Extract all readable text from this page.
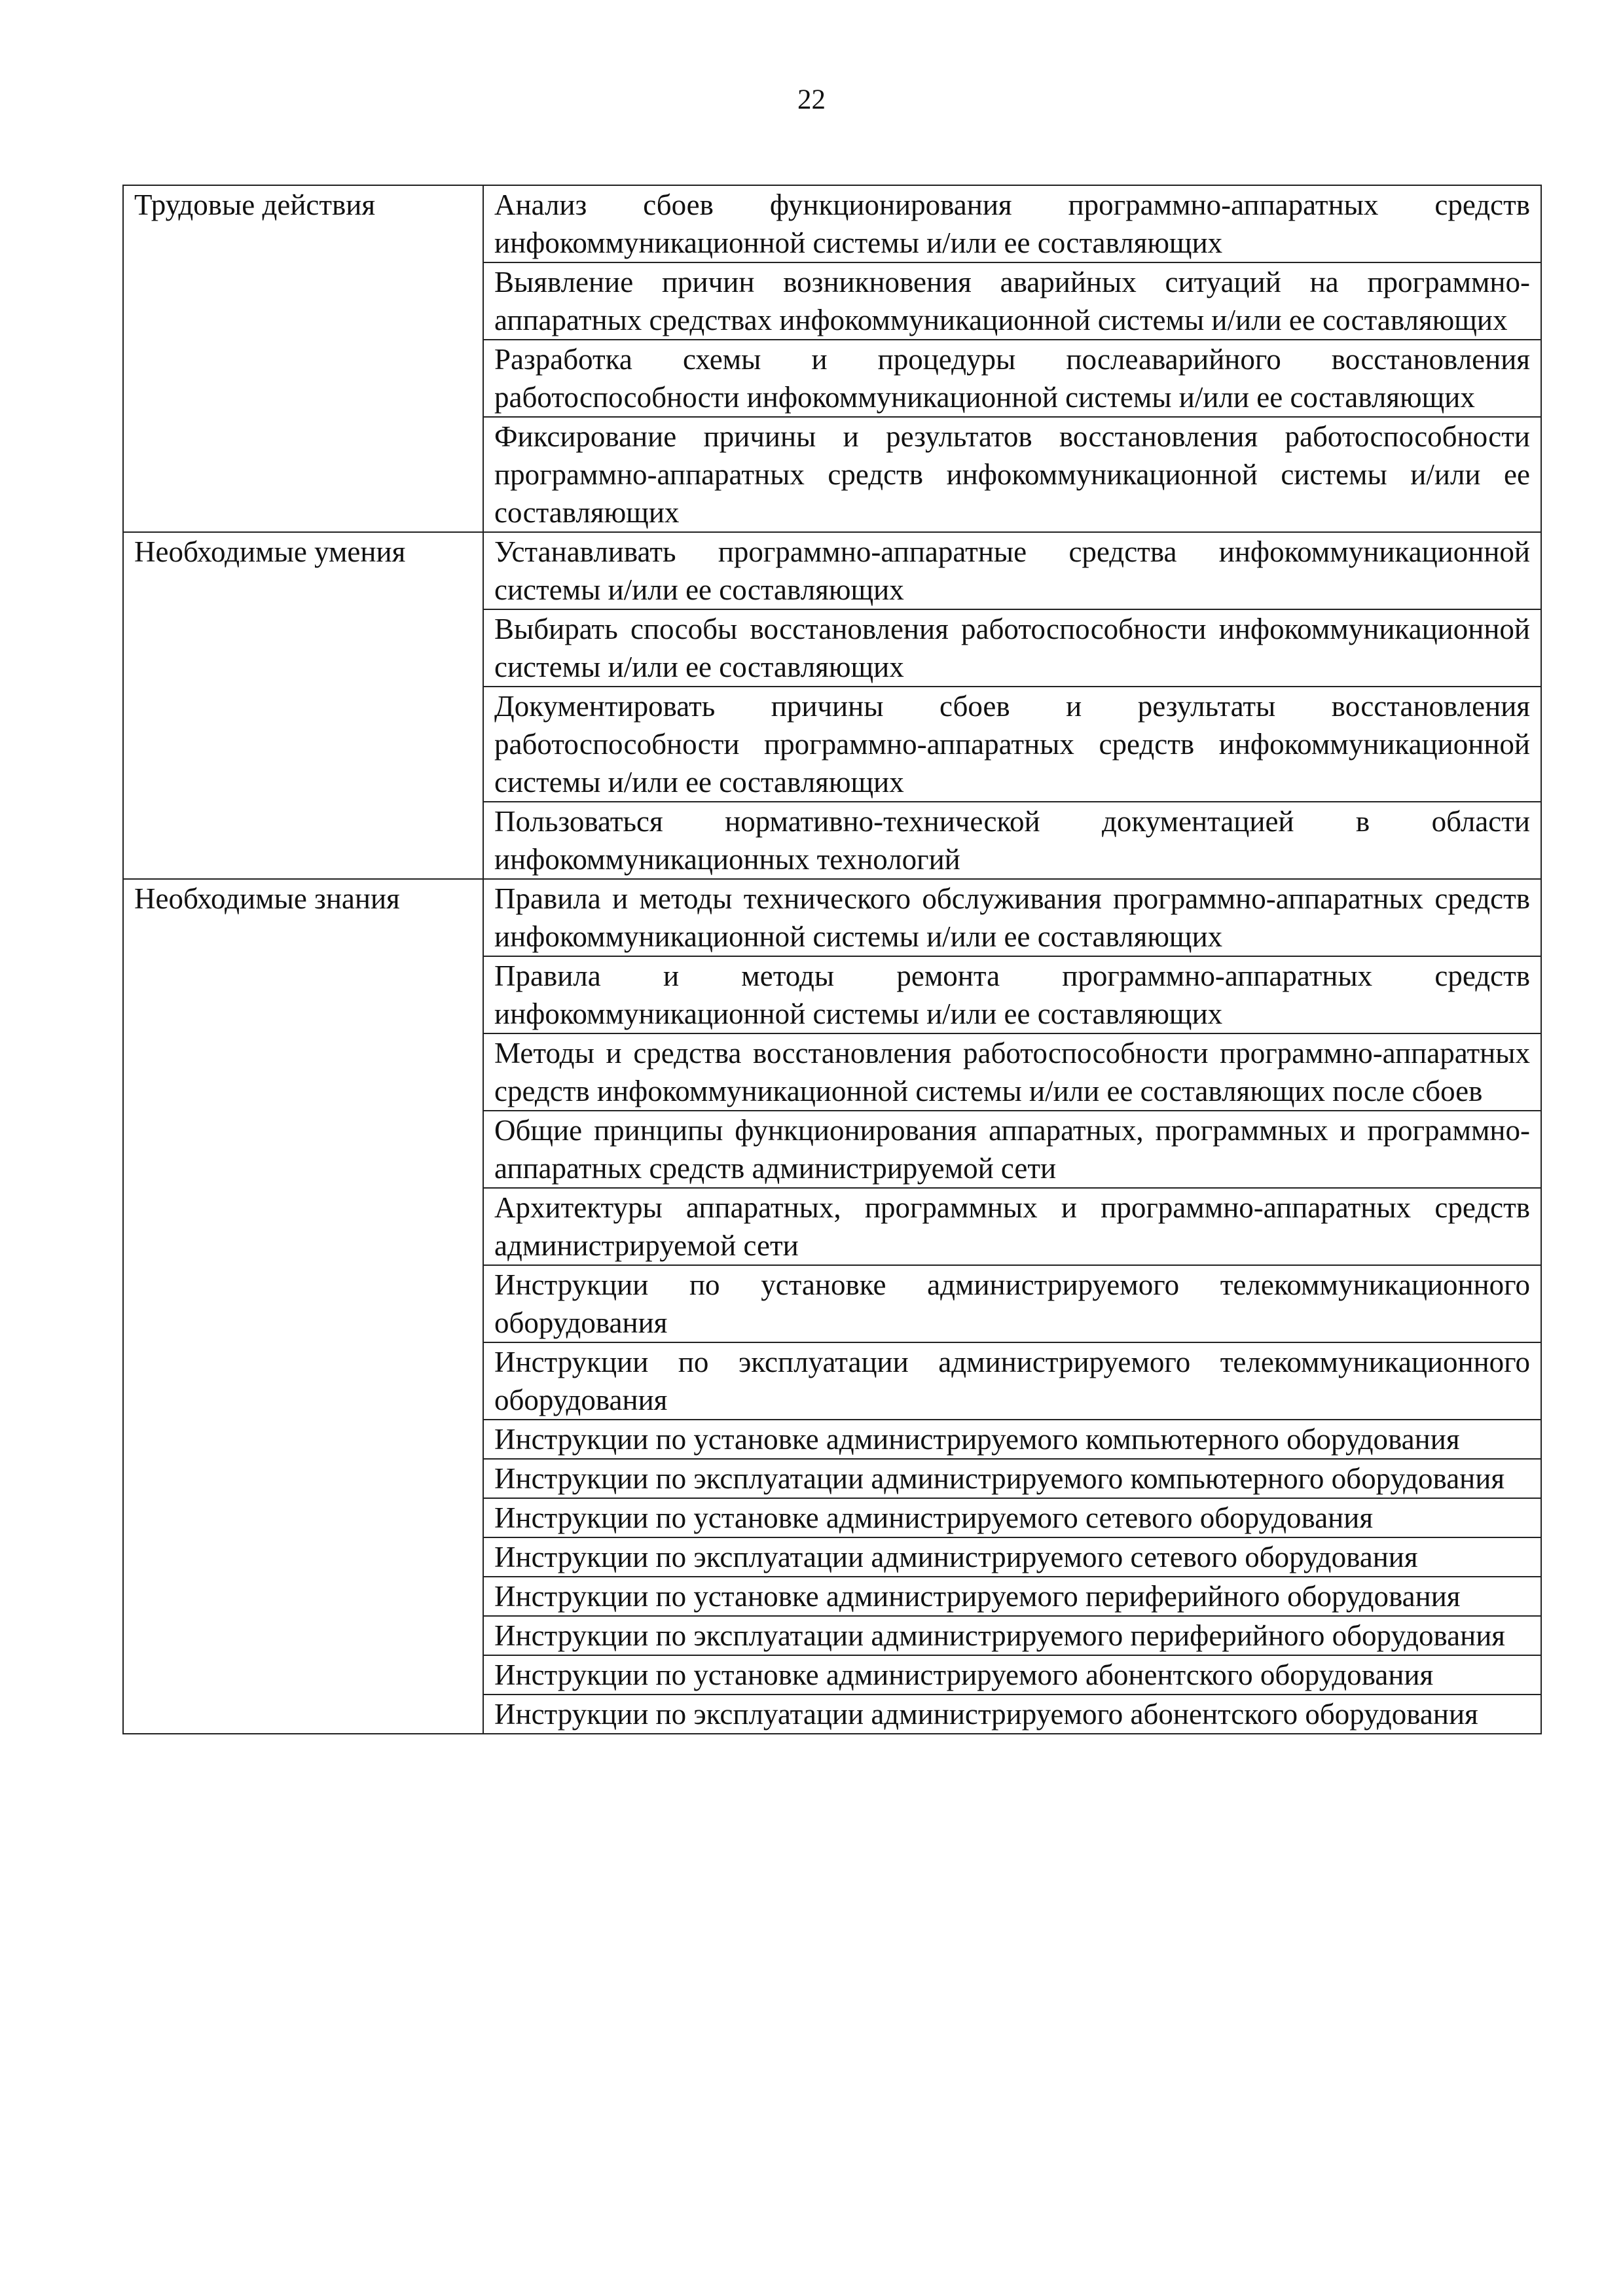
22
Трудовые действия	Анализ сбоев функционирования программно-аппаратных средств инфокоммуникационной системы и/или ее составляющих
	Выявление причин возникновения аварийных ситуаций на программно-аппаратных средствах инфокоммуникационной системы и/или ее составляющих
	Разработка схемы и процедуры послеаварийного восстановления работоспособности инфокоммуникационной системы и/или ее составляющих
	Фиксирование причины и результатов восстановления работоспособности программно-аппаратных средств инфокоммуникационной системы и/или ее составляющих
Необходимые умения	Устанавливать программно-аппаратные средства инфокоммуникационной системы и/или ее составляющих
	Выбирать способы восстановления работоспособности инфокоммуникационной системы и/или ее составляющих
	Документировать причины сбоев и результаты восстановления работоспособности программно-аппаратных средств инфокоммуникационной системы и/или ее составляющих
	Пользоваться нормативно-технической документацией в области инфокоммуникационных технологий
Необходимые знания	Правила и методы технического обслуживания программно-аппаратных средств инфокоммуникационной системы и/или ее составляющих
	Правила и методы ремонта программно-аппаратных средств инфокоммуникационной системы и/или ее составляющих
	Методы и средства восстановления работоспособности программно-аппаратных средств инфокоммуникационной системы и/или ее составляющих после сбоев
	Общие принципы функционирования аппаратных, программных и программно-аппаратных средств администрируемой сети
	Архитектуры аппаратных, программных и программно-аппаратных средств администрируемой сети
	Инструкции по установке администрируемого телекоммуникационного оборудования
	Инструкции по эксплуатации администрируемого телекоммуникационного оборудования
	Инструкции по установке администрируемого компьютерного оборудования
	Инструкции по эксплуатации администрируемого компьютерного оборудования
	Инструкции по установке администрируемого сетевого оборудования
	Инструкции по эксплуатации администрируемого сетевого оборудования
	Инструкции по установке администрируемого периферийного оборудования
	Инструкции по эксплуатации администрируемого периферийного оборудования
	Инструкции по установке администрируемого абонентского оборудования
	Инструкции по эксплуатации администрируемого абонентского оборудования
